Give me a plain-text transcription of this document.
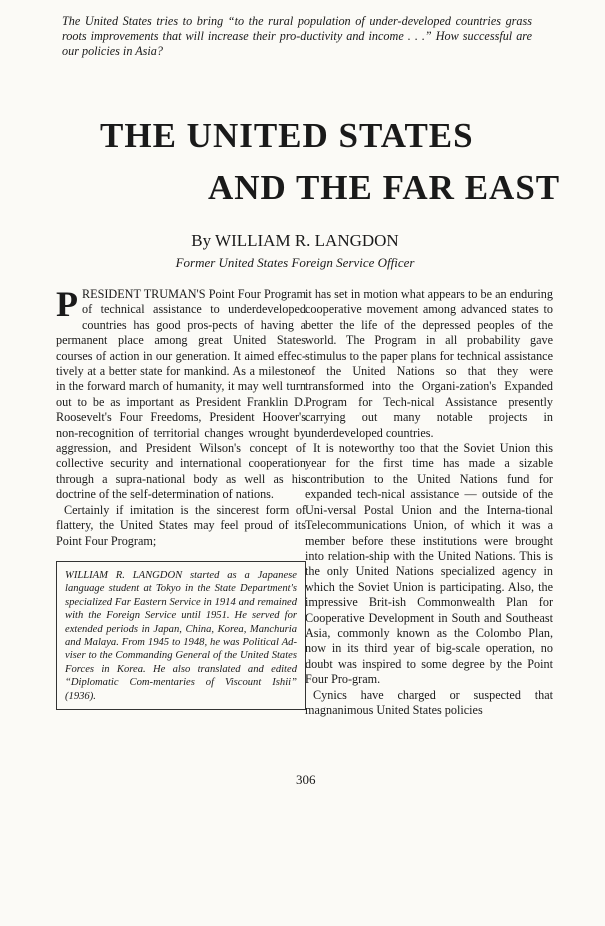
The United States tries to bring “to the rural population of under-developed countries grass roots improvements that will increase their pro-ductivity and income . . .” How successful are our policies in Asia?

THE UNITED STATES
AND THE FAR EAST

By WILLIAM R. LANGDON

Former United States Foreign Service Officer

PRESIDENT TRUMAN'S Point Four Program of technical assistance to underdeveloped countries has good pros-pects of having a permanent place among great United States courses of action in our generation. It aimed effec-tively at a better state for mankind. As a milestone in the forward march of humanity, it may well turn out to be as important as President Franklin D. Roosevelt's Four Freedoms, President Hoover's non-recognition of territorial changes wrought by aggression, and President Wilson's concept of collective security and international cooperation through a supra-national body as well as his doctrine of the self-determination of nations.

Certainly if imitation is the sincerest form of flattery, the United States may feel proud of its Point Four Program;

WILLIAM R. LANGDON started as a Japanese language student at Tokyo in the State Department's specialized Far Eastern Service in 1914 and remained with the Foreign Service until 1951. He served for extended periods in Japan, China, Korea, Manchuria and Malaya. From 1945 to 1948, he was Political Ad-viser to the Commanding General of the United States Forces in Korea. He also translated and edited “Diplomatic Com-mentaries of Viscount Ishii” (1936).

it has set in motion what appears to be an enduring cooperative movement among advanced states to better the life of the depressed peoples of the world. The Program in all probability gave stimulus to the paper plans for technical assistance of the United Nations so that they were transformed into the Organi-zation's Expanded Program for Tech-nical Assistance presently carrying out many notable projects in underdeveloped countries.

It is noteworthy too that the Soviet Union this year for the first time has made a sizable contribution to the United Nations fund for expanded tech-nical assistance — outside of the Uni-versal Postal Union and the Interna-tional Telecommunications Union, of which it was a member before these institutions were brought into relation-ship with the United Nations. This is the only United Nations specialized agency in which the Soviet Union is participating. Also, the impressive Brit-ish Commonwealth Plan for Cooperative Development in South and Southeast Asia, commonly known as the Colombo Plan, now in its third year of big-scale operation, no doubt was inspired to some degree by the Point Four Pro-gram.

Cynics have charged or suspected that magnanimous United States policies

306
